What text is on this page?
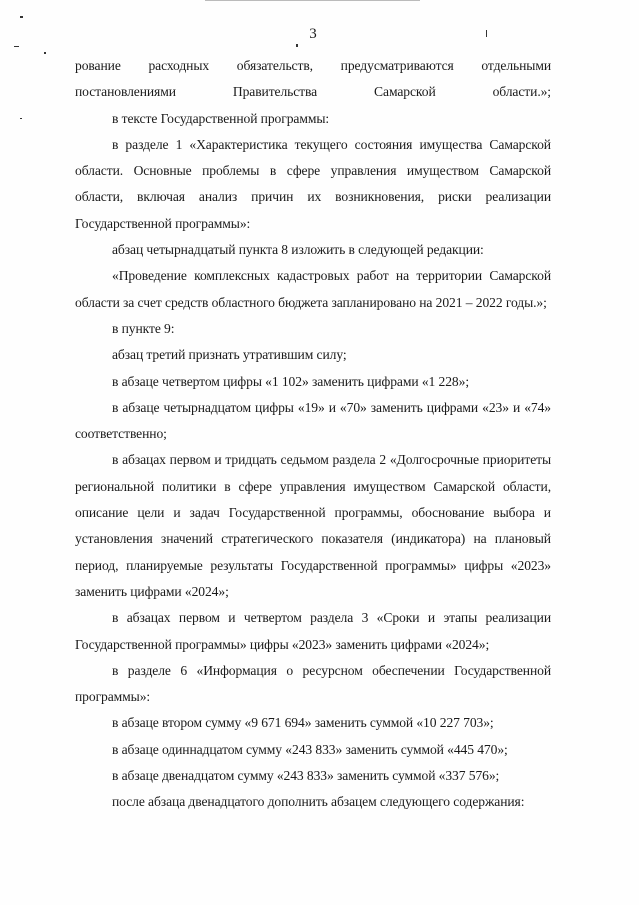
3

рование расходных обязательств, предусматриваются отдельными постановлениями Правительства Самарской области.»;

в тексте Государственной программы:

в разделе 1 «Характеристика текущего состояния имущества Самарской области. Основные проблемы в сфере управления имуществом Самарской области, включая анализ причин их возникновения, риски реализации Государственной программы»:

абзац четырнадцатый пункта 8 изложить в следующей редакции:

«Проведение комплексных кадастровых работ на территории Самарской области за счет средств областного бюджета запланировано на 2021 – 2022 годы.»;

в пункте 9:

абзац третий признать утратившим силу;

в абзаце четвертом цифры «1 102» заменить цифрами «1 228»;

в абзаце четырнадцатом цифры «19» и «70» заменить цифрами «23» и «74» соответственно;

в абзацах первом и тридцать седьмом раздела 2 «Долгосрочные приоритеты региональной политики в сфере управления имуществом Самарской области, описание цели и задач Государственной программы, обоснование выбора и установления значений стратегического показателя (индикатора) на плановый период, планируемые результаты Государственной программы» цифры «2023» заменить цифрами «2024»;

в абзацах первом и четвертом раздела 3 «Сроки и этапы реализации Государственной программы» цифры «2023» заменить цифрами «2024»;

в разделе 6 «Информация о ресурсном обеспечении Государственной программы»:

в абзаце втором сумму «9 671 694» заменить суммой «10 227 703»;

в абзаце одиннадцатом сумму «243 833» заменить суммой «445 470»;

в абзаце двенадцатом сумму «243 833» заменить суммой «337 576»;

после абзаца двенадцатого дополнить абзацем следующего содержания:
